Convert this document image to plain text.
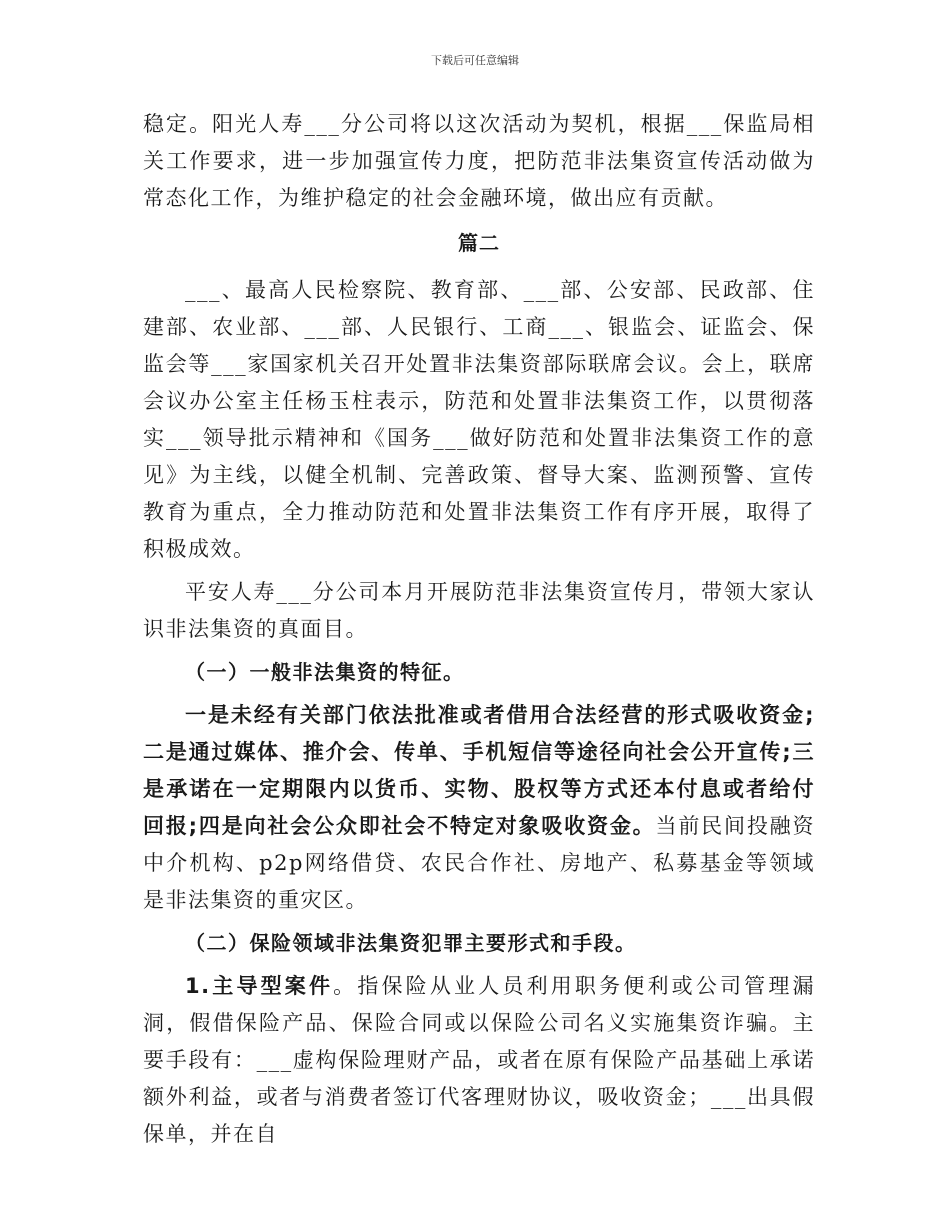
下载后可任意编辑

稳定。阳光人寿___分公司将以这次活动为契机，根据___保监局相关工作要求，进一步加强宣传力度，把防范非法集资宣传活动做为常态化工作，为维护稳定的社会金融环境，做出应有贡献。

篇二

___、最高人民检察院、教育部、___部、公安部、民政部、住建部、农业部、___部、人民银行、工商___、银监会、证监会、保监会等___家国家机关召开处置非法集资部际联席会议。会上，联席会议办公室主任杨玉柱表示，防范和处置非法集资工作，以贯彻落实___领导批示精神和《国务___做好防范和处置非法集资工作的意见》为主线，以健全机制、完善政策、督导大案、监测预警、宣传教育为重点，全力推动防范和处置非法集资工作有序开展，取得了积极成效。

平安人寿___分公司本月开展防范非法集资宣传月，带领大家认识非法集资的真面目。

（一）一般非法集资的特征。

一是未经有关部门依法批准或者借用合法经营的形式吸收资金;二是通过媒体、推介会、传单、手机短信等途径向社会公开宣传;三是承诺在一定期限内以货币、实物、股权等方式还本付息或者给付回报;四是向社会公众即社会不特定对象吸收资金。当前民间投融资中介机构、p2p网络借贷、农民合作社、房地产、私募基金等领域是非法集资的重灾区。

（二）保险领域非法集资犯罪主要形式和手段。

1.主导型案件。指保险从业人员利用职务便利或公司管理漏洞，假借保险产品、保险合同或以保险公司名义实施集资诈骗。主要手段有：___虚构保险理财产品，或者在原有保险产品基础上承诺额外利益，或者与消费者签订代客理财协议，吸收资金；___出具假保单，并在自
